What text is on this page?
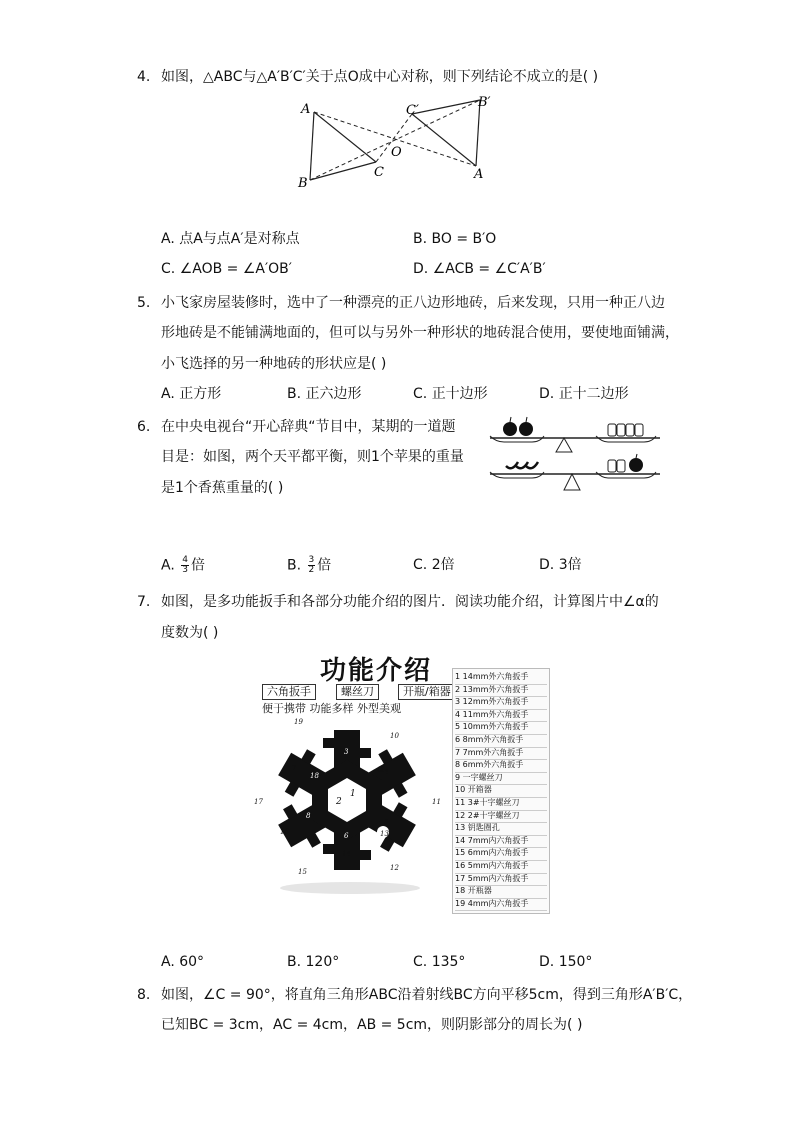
4. 如图，△ABC与△A′B′C′关于点O成中心对称，则下列结论不成立的是( )
A
B
C
O
C′
B′
A
A. 点A与点A′是对称点	B. BO = B′O
C. ∠AOB = ∠A′OB′	D. ∠ACB = ∠C′A′B′
5. 小飞家房屋装修时，选中了一种漂亮的正八边形地砖，后来发现，只用一种正八边
形地砖是不能铺满地面的，但可以与另外一种形状的地砖混合使用，要使地面铺满，
小飞选择的另一种地砖的形状应是( )
A. 正方形	B. 正六边形	C. 正十边形	D. 正十二边形
6. 在中央电视台“开心辞典“节目中，某期的一道题
目是：如图，两个天平都平衡，则1个苹果的重量
是1个香蕉重量的( )
A. $\frac{4}{3}$ 倍	B. $\frac{3}{2}$ 倍	C. 2倍	D. 3倍
7. 如图，是多功能扳手和各部分功能介绍的图片．阅读功能介绍，计算图片中∠α的
度数为( )
功能介绍
六角扳手	螺丝刀	开瓶/箱器
便于携带 功能多样 外型美观
19
10
3
7
18
1
2
17	11
8
5
16	6	13
14
15	12
α4
1 14mm外六角扳手
2 13mm外六角扳手
3 12mm外六角扳手
4 11mm外六角扳手
5 10mm外六角扳手
6 8mm外六角扳手
7 7mm外六角扳手
8 6mm外六角扳手
9 一字螺丝刀
10 开箱器
11 3#十字螺丝刀
12 2#十字螺丝刀
13 钥匙圈孔
14 7mm内六角扳手
15 6mm内六角扳手
16 5mm内六角扳手
17 5mm内六角扳手
18 开瓶器
19 4mm内六角扳手
A. 60°	B. 120°	C. 135°	D. 150°
8. 如图，∠C = 90°，将直角三角形ABC沿着射线BC方向平移5cm，得到三角形A′B′C，
已知BC = 3cm，AC = 4cm，AB = 5cm，则阴影部分的周长为( )
